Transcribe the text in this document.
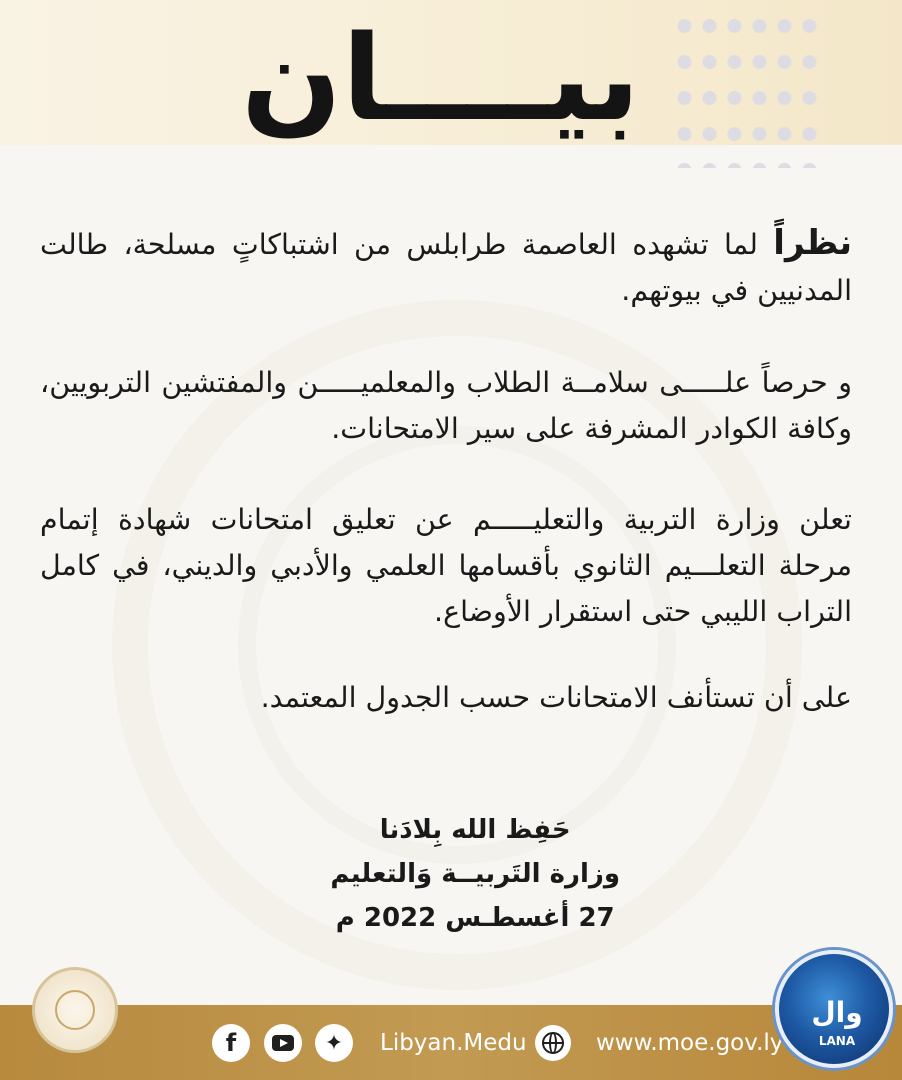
بيــــان
نظراً لما تشهده العاصمة طرابلس من اشتباكاتٍ مسلحة، طالت المدنيين في بيوتهم.
و حرصاً علـــــى سلامــة الطلاب والمعلميـــــن والمفتشين التربويين، وكافة الكوادر المشرفة على سير الامتحانات.
تعلن وزارة التربية والتعليـــــم عن تعليق امتحانات شهادة إتمام مرحلة التعلـــيم الثانوي بأقسامها العلمي والأدبي والديني، في كامل التراب الليبي حتى استقرار الأوضاع.
على أن تستأنف الامتحانات حسب الجدول المعتمد.
حَفِظ الله بِلادَنا
وزارة التَربيــة وَالتعليم
27 أغسطـس 2022 م
f	✦ Libyan.Medu	www.moe.gov.ly
وال
LANA
